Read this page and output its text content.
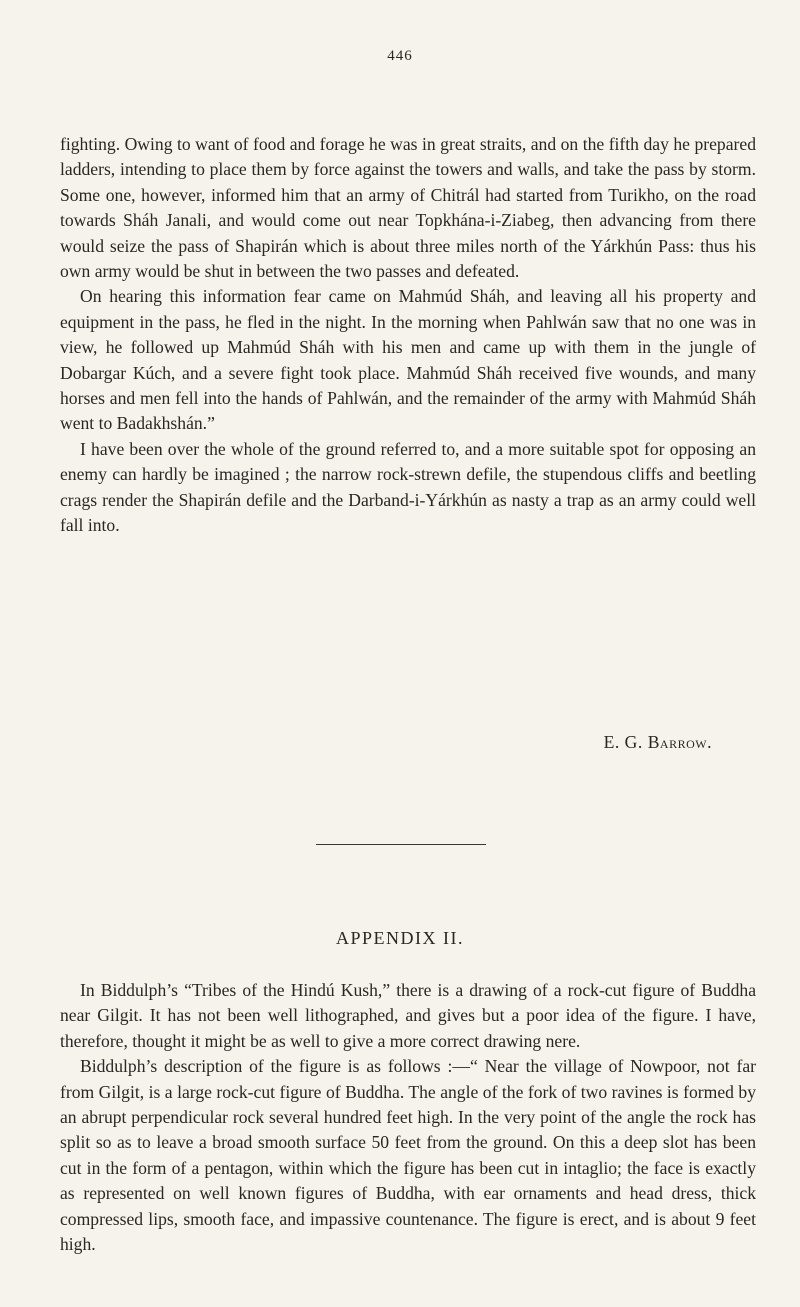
446

fighting. Owing to want of food and forage he was in great straits, and on the fifth day he prepared ladders, intending to place them by force against the towers and walls, and take the pass by storm. Some one, however, informed him that an army of Chitrál had started from Turikho, on the road towards Sháh Janali, and would come out near Topkhána-i-Ziabeg, then advancing from there would seize the pass of Shapirán which is about three miles north of the Yárkhún Pass: thus his own army would be shut in between the two passes and defeated.

On hearing this information fear came on Mahmúd Sháh, and leaving all his property and equipment in the pass, he fled in the night. In the morning when Pahlwán saw that no one was in view, he followed up Mahmúd Sháh with his men and came up with them in the jungle of Dobargar Kúch, and a severe fight took place. Mahmúd Sháh received five wounds, and many horses and men fell into the hands of Pahlwán, and the remainder of the army with Mahmúd Sháh went to Badakhshán.”

I have been over the whole of the ground referred to, and a more suitable spot for opposing an enemy can hardly be imagined ; the narrow rock-strewn defile, the stupendous cliffs and beetling crags render the Shapirán defile and the Darband-i-Yárkhún as nasty a trap as an army could well fall into.

E. G. Barrow.
APPENDIX II.

In Biddulph’s “Tribes of the Hindú Kush,” there is a drawing of a rock-cut figure of Buddha near Gilgit. It has not been well lithographed, and gives but a poor idea of the figure. I have, therefore, thought it might be as well to give a more correct drawing nere.

Biddulph’s description of the figure is as follows :—“ Near the village of Nowpoor, not far from Gilgit, is a large rock-cut figure of Buddha. The angle of the fork of two ravines is formed by an abrupt perpendicular rock several hundred feet high. In the very point of the angle the rock has split so as to leave a broad smooth surface 50 feet from the ground. On this a deep slot has been cut in the form of a pentagon, within which the figure has been cut in intaglio; the face is exactly as represented on well known figures of Buddha, with ear ornaments and head dress, thick compressed lips, smooth face, and impassive countenance. The figure is erect, and is about 9 feet high.
